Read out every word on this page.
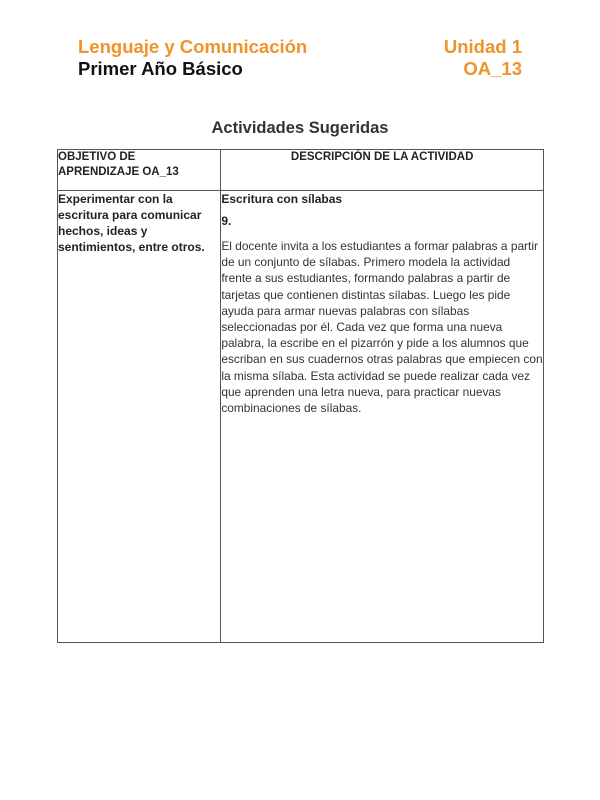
Lenguaje y Comunicación	Unidad 1
Primer Año Básico	OA_13
Actividades Sugeridas
OBJETIVO DE
APRENDIZAJE OA_13	DESCRIPCIÓN DE LA ACTIVIDAD
Experimentar con la escritura para comunicar hechos, ideas y sentimientos, entre otros.	Escritura con sílabas
9.
El docente invita a los estudiantes a formar palabras a partir de un conjunto de sílabas. Primero modela la actividad frente a sus estudiantes, formando palabras a partir de tarjetas que contienen distintas sílabas. Luego les pide ayuda para armar nuevas palabras con sílabas seleccionadas por él. Cada vez que forma una nueva palabra, la escribe en el pizarrón y pide a los alumnos que escriban en sus cuadernos otras palabras que empiecen con la misma sílaba. Esta actividad se puede realizar cada vez que aprenden una letra nueva, para practicar nuevas combinaciones de sílabas.
